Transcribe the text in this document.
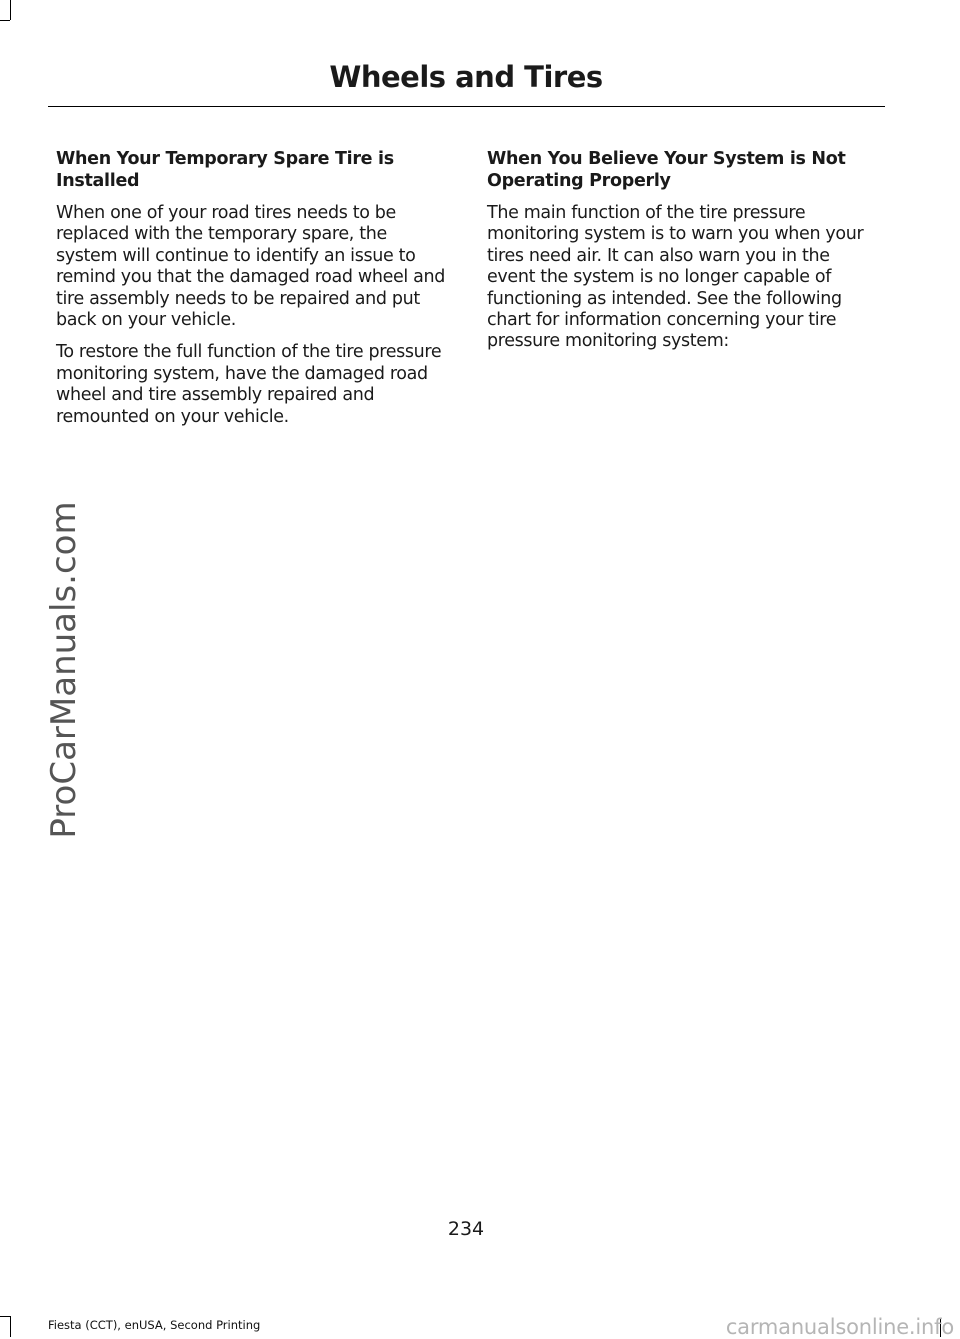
Wheels and Tires
When Your Temporary Spare Tire is Installed

When one of your road tires needs to be replaced with the temporary spare, the system will continue to identify an issue to remind you that the damaged road wheel and tire assembly needs to be repaired and put back on your vehicle.

To restore the full function of the tire pressure monitoring system, have the damaged road wheel and tire assembly repaired and remounted on your vehicle.

When You Believe Your System is Not Operating Properly

The main function of the tire pressure monitoring system is to warn you when your tires need air. It can also warn you in the event the system is no longer capable of functioning as intended. See the following chart for information concerning your tire pressure monitoring system:

ProCarManuals.com
234
Fiesta (CCT), enUSA, Second Printing	carmanualsonline.info
